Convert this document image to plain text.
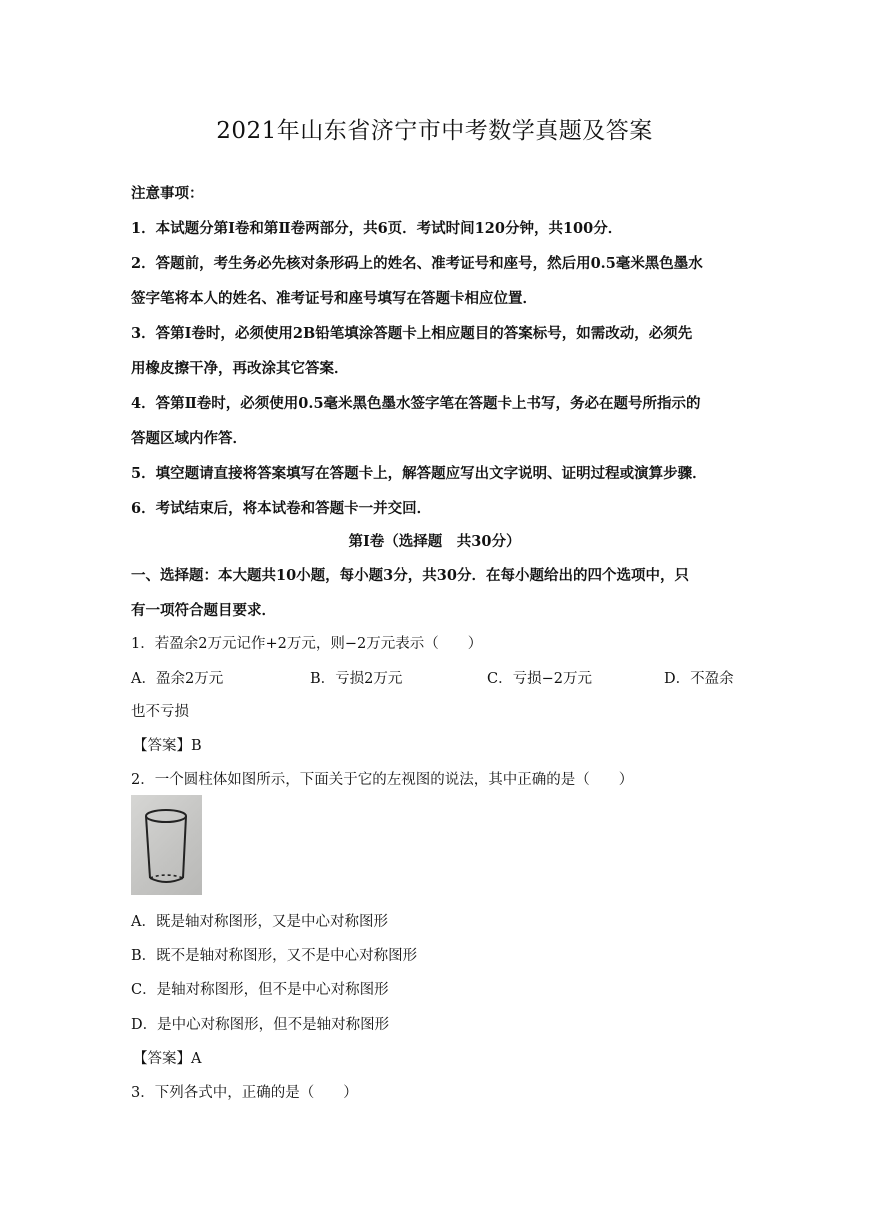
2021年山东省济宁市中考数学真题及答案
注意事项：
1．本试题分第Ⅰ卷和第Ⅱ卷两部分，共6页．考试时间120分钟，共100分．
2．答题前，考生务必先核对条形码上的姓名、准考证号和座号，然后用0.5毫米黑色墨水
签字笔将本人的姓名、准考证号和座号填写在答题卡相应位置．
3．答第Ⅰ卷时，必须使用2B铅笔填涂答题卡上相应题目的答案标号，如需改动，必须先
用橡皮擦干净，再改涂其它答案．
4．答第Ⅱ卷时，必须使用0.5毫米黑色墨水签字笔在答题卡上书写，务必在题号所指示的
答题区域内作答．
5．填空题请直接将答案填写在答题卡上，解答题应写出文字说明、证明过程或演算步骤．
6．考试结束后，将本试卷和答题卡一并交回．
第Ⅰ卷（选择题　共30分）
一、选择题：本大题共10小题，每小题3分，共30分．在每小题给出的四个选项中，只
有一项符合题目要求．
1．若盈余2万元记作+2万元，则−2万元表示（　　）
A．盈余2万元	B．亏损2万元	C．亏损−2万元	D．不盈余
也不亏损
【答案】B
2．一个圆柱体如图所示，下面关于它的左视图的说法，其中正确的是（　　）
A．既是轴对称图形，又是中心对称图形
B．既不是轴对称图形，又不是中心对称图形
C．是轴对称图形，但不是中心对称图形
D．是中心对称图形，但不是轴对称图形
【答案】A
3．下列各式中，正确的是（　　）
